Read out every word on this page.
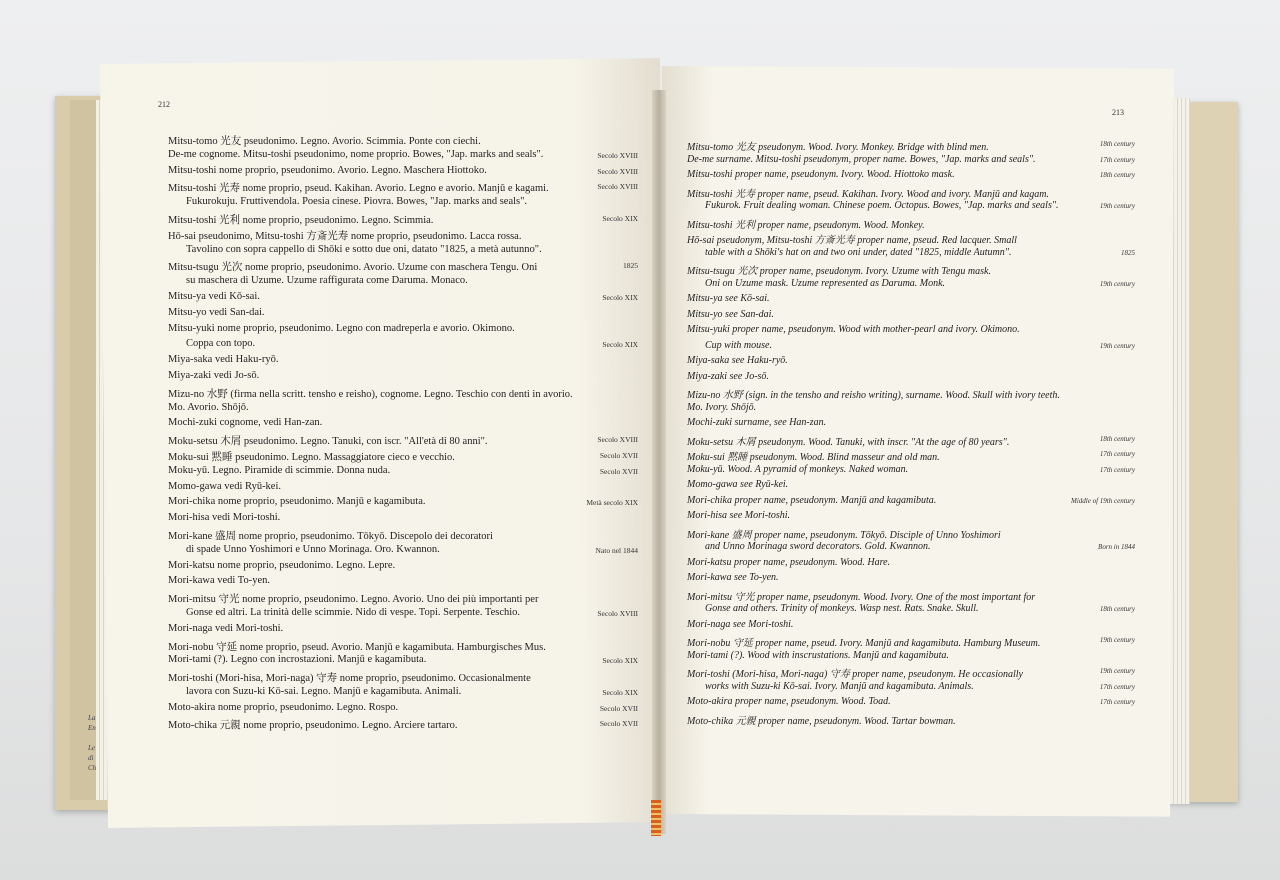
La
En
Le
di
Ch
212
213
Mitsu-tomo 光友 pseudonimo. Legno. Avorio. Scimmia. Ponte con ciechi.
De-me cognome. Mitsu-toshi pseudonimo, nome proprio. Bowes, "Jap. marks and seals".	Secolo XVIII
Mitsu-toshi nome proprio, pseudonimo. Avorio. Legno. Maschera Hiottoko.	Secolo XVIII
Mitsu-toshi 光寿 nome proprio, pseud. Kakihan. Avorio. Legno e avorio. Manjū e kagami.	Secolo XVIII
Fukurokuju. Fruttivendola. Poesia cinese. Piovra. Bowes, "Jap. marks and seals".
Mitsu-toshi 光利 nome proprio, pseudonimo. Legno. Scimmia.	Secolo XIX
Hō-sai pseudonimo, Mitsu-toshi 方斎光寿 nome proprio, pseudonimo. Lacca rossa.
Tavolino con sopra cappello di Shōki e sotto due oni, datato "1825, a metà autunno".
Mitsu-tsugu 光次 nome proprio, pseudonimo. Avorio. Uzume con maschera Tengu. Oni	1825
su maschera di Uzume. Uzume raffigurata come Daruma. Monaco.
Mitsu-ya vedi Kō-sai.	Secolo XIX
Mitsu-yo vedi San-dai.
Mitsu-yuki nome proprio, pseudonimo. Legno con madreperla e avorio. Okimono.
Coppa con topo.	Secolo XIX
Miya-saka vedi Haku-ryō.
Miya-zaki vedi Jo-sō.
Mizu-no 水野 (firma nella scritt. tensho e reisho), cognome. Legno. Teschio con denti in avorio.
Mo. Avorio. Shōjō.
Mochi-zuki cognome, vedi Han-zan.
Moku-setsu 木屑 pseudonimo. Legno. Tanuki, con iscr. "All'età di 80 anni".	Secolo XVIII
Moku-sui 黙睡 pseudonimo. Legno. Massaggiatore cieco e vecchio.	Secolo XVII
Moku-yū. Legno. Piramide di scimmie. Donna nuda.	Secolo XVII
Momo-gawa vedi Ryū-kei.
Mori-chika nome proprio, pseudonimo. Manjū e kagamibuta.	Metà secolo XIX
Mori-hisa vedi Mori-toshi.
Mori-kane 盛周 nome proprio, pseudonimo. Tōkyō. Discepolo dei decoratori
di spade Unno Yoshimori e Unno Morinaga. Oro. Kwannon.	Nato nel 1844
Mori-katsu nome proprio, pseudonimo. Legno. Lepre.
Mori-kawa vedi To-yen.
Mori-mitsu 守光 nome proprio, pseudonimo. Legno. Avorio. Uno dei più importanti per
Gonse ed altri. La trinità delle scimmie. Nido di vespe. Topi. Serpente. Teschio.	Secolo XVIII
Mori-naga vedi Mori-toshi.
Mori-nobu 守延 nome proprio, pseud. Avorio. Manjū e kagamibuta. Hamburgisches Mus.
Mori-tami (?). Legno con incrostazioni. Manjū e kagamibuta.	Secolo XIX
Mori-toshi (Mori-hisa, Mori-naga) 守寿 nome proprio, pseudonimo. Occasionalmente
lavora con Suzu-ki Kō-sai. Legno. Manjū e kagamibuta. Animali.	Secolo XIX
Moto-akira nome proprio, pseudonimo. Legno. Rospo.	Secolo XVII
Moto-chika 元親 nome proprio, pseudonimo. Legno. Arciere tartaro.	Secolo XVII
Mitsu-tomo 光友 pseudonym. Wood. Ivory. Monkey. Bridge with blind men.	18th century
De-me surname. Mitsu-toshi pseudonym, proper name. Bowes, "Jap. marks and seals".	17th century
Mitsu-toshi proper name, pseudonym. Ivory. Wood. Hiottoko mask.	18th century
Mitsu-toshi 光寿 proper name, pseud. Kakihan. Ivory. Wood and ivory. Manjū and kagam.
Fukurok. Fruit dealing woman. Chinese poem. Octopus. Bowes, "Jap. marks and seals".	19th century
Mitsu-toshi 光利 proper name, pseudonym. Wood. Monkey.
Hō-sai pseudonym, Mitsu-toshi 方斎光寿 proper name, pseud. Red lacquer. Small
table with a Shōki's hat on and two oni under, dated "1825, middle Autumn".	1825
Mitsu-tsugu 光次 proper name, pseudonym. Ivory. Uzume with Tengu mask.
Oni on Uzume mask. Uzume represented as Daruma. Monk.	19th century
Mitsu-ya see Kō-sai.
Mitsu-yo see San-dai.
Mitsu-yuki proper name, pseudonym. Wood with mother-pearl and ivory. Okimono.
Cup with mouse.	19th century
Miya-saka see Haku-ryō.
Miya-zaki see Jo-sō.
Mizu-no 水野 (sign. in the tensho and reisho writing), surname. Wood. Skull with ivory teeth.
Mo. Ivory. Shōjō.
Mochi-zuki surname, see Han-zan.
Moku-setsu 木屑 pseudonym. Wood. Tanuki, with inscr. "At the age of 80 years".	18th century
Moku-sui 黙睡 pseudonym. Wood. Blind masseur and old man.	17th century
Moku-yū. Wood. A pyramid of monkeys. Naked woman.	17th century
Momo-gawa see Ryū-kei.
Mori-chika proper name, pseudonym. Manjū and kagamibuta.	Middle of 19th century
Mori-hisa see Mori-toshi.
Mori-kane 盛周 proper name, pseudonym. Tōkyō. Disciple of Unno Yoshimori
and Unno Morinaga sword decorators. Gold. Kwannon.	Born in 1844
Mori-katsu proper name, pseudonym. Wood. Hare.
Mori-kawa see To-yen.
Mori-mitsu 守光 proper name, pseudonym. Wood. Ivory. One of the most important for
Gonse and others. Trinity of monkeys. Wasp nest. Rats. Snake. Skull.	18th century
Mori-naga see Mori-toshi.
Mori-nobu 守延 proper name, pseud. Ivory. Manjū and kagamibuta. Hamburg Museum.	19th century
Mori-tami (?). Wood with inscrustations. Manjū and kagamibuta.
Mori-toshi (Mori-hisa, Mori-naga) 守寿 proper name, pseudonym. He occasionally	19th century
works with Suzu-ki Kō-sai. Ivory. Manjū and kagamibuta. Animals.	17th century
Moto-akira proper name, pseudonym. Wood. Toad.	17th century
Moto-chika 元親 proper name, pseudonym. Wood. Tartar bowman.
